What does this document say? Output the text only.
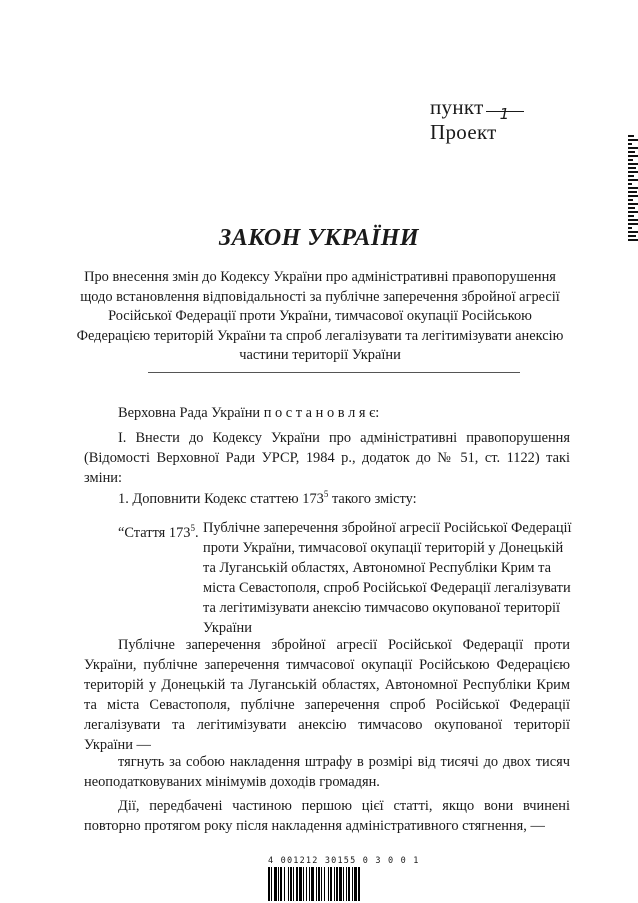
пункт 1
Проект
ЗАКОН УКРАЇНИ
Про внесення змін до Кодексу України про адміністративні правопорушення щодо встановлення відповідальності за публічне заперечення збройної агресії Російської Федерації проти України, тимчасової окупації Російською Федерацією територій України та спроб легалізувати та легітимізувати анексію частини території України
Верховна Рада України п о с т а н о в л я є:
І. Внести до Кодексу України про адміністративні правопорушення (Відомості Верховної Ради УРСР, 1984 р., додаток до № 51, ст. 1122) такі зміни:
1. Доповнити Кодекс статтею $173^5$ такого змісту:
“Стаття $173^5$. Публічне заперечення збройної агресії Російської Федерації проти України, тимчасової окупації територій у Донецькій та Луганській областях, Автономної Республіки Крим та міста Севастополя, спроб Російської Федерації легалізувати та легітимізувати анексію тимчасово окупованої території України
Публічне заперечення збройної агресії Російської Федерації проти України, публічне заперечення тимчасової окупації Російською Федерацією територій у Донецькій та Луганській областях, Автономної Республіки Крим та міста Севастополя, публічне заперечення спроб Російської Федерації легалізувати та легітимізувати анексію тимчасово окупованої території України —
тягнуть за собою накладення штрафу в розмірі від тисячі до двох тисяч неоподатковуваних мінімумів доходів громадян.
Дії, передбачені частиною першою цієї статті, якщо вони вчинені повторно протягом року після накладення адміністративного стягнення, —
4 001212 30155 0 3 0 0 1
